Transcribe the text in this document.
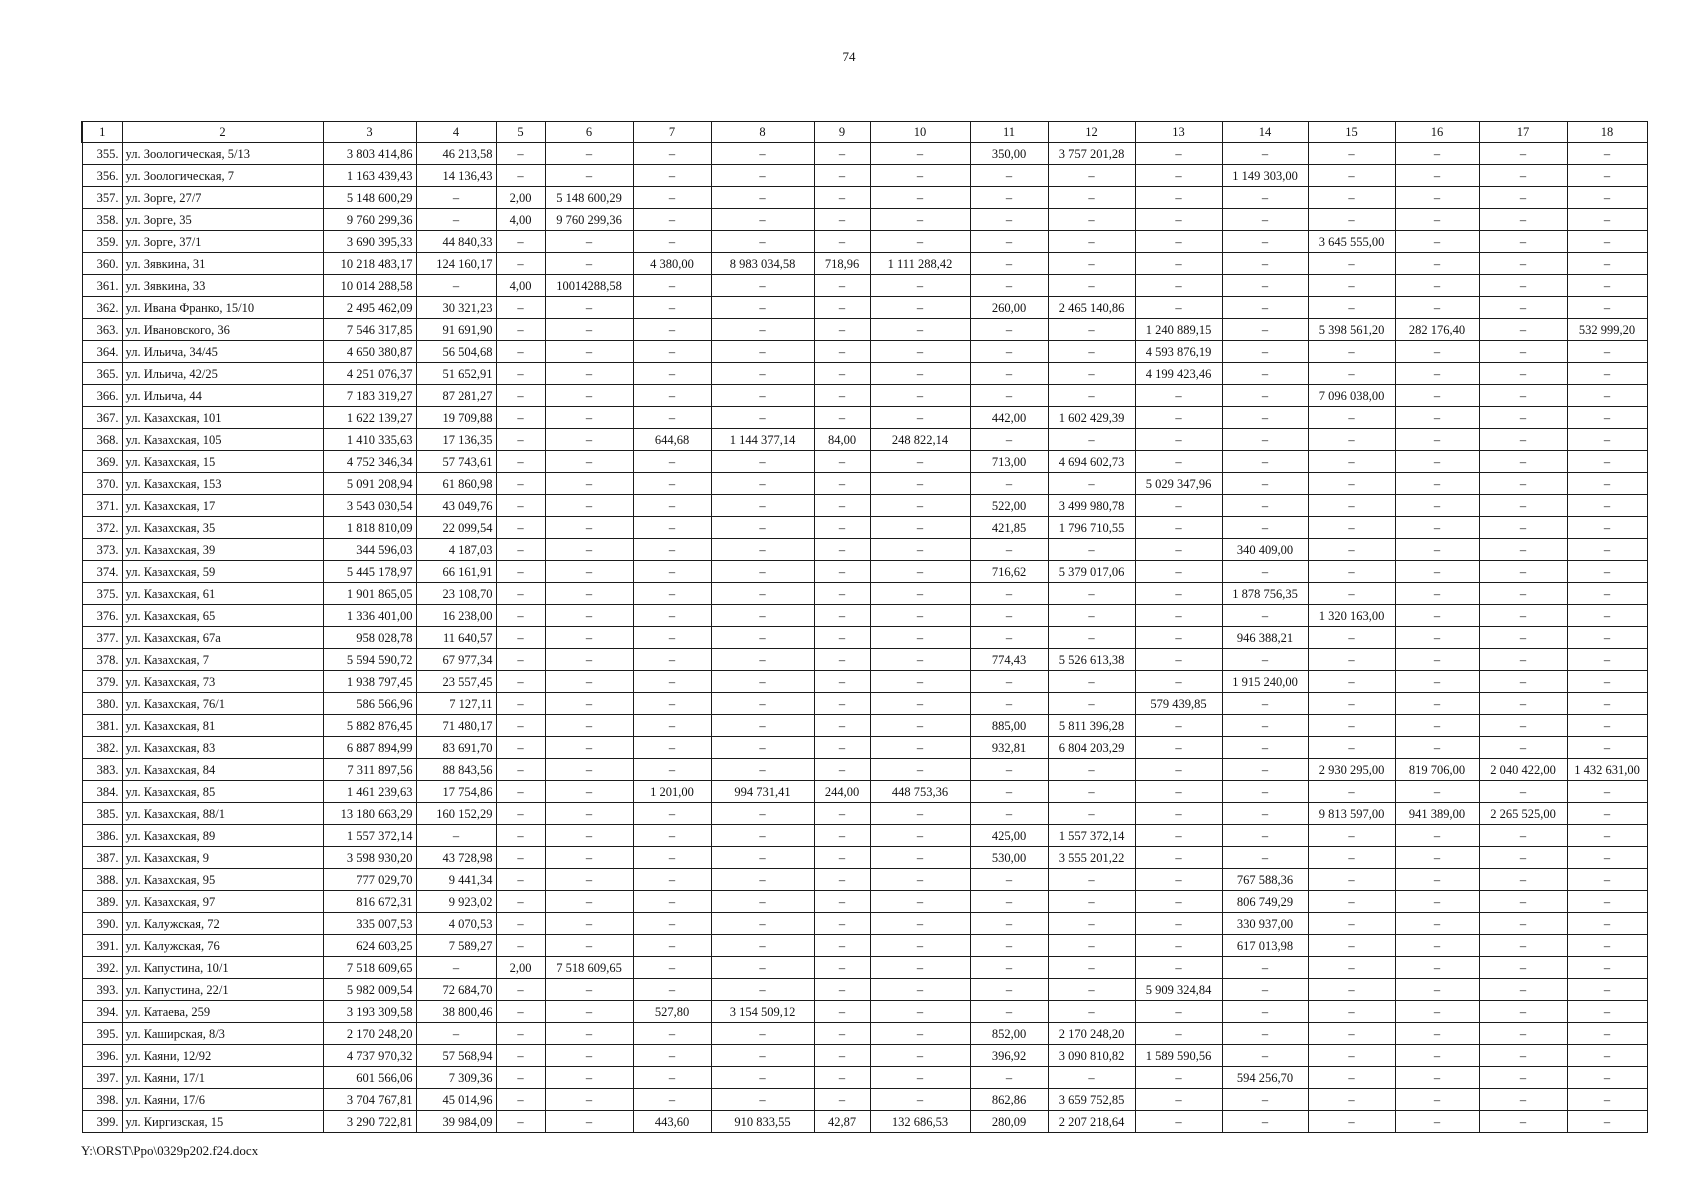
74
1	2	3	4	5	6	7	8	9	10	11	12	13	14	15	16	17	18
355.	ул. Зоологическая, 5/13	3 803 414,86	46 213,58	–	–	–	–	–	–	350,00	3 757 201,28	–	–	–	–	–	–
356.	ул. Зоологическая, 7	1 163 439,43	14 136,43	–	–	–	–	–	–	–	–	–	1 149 303,00	–	–	–	–
357.	ул. Зорге, 27/7	5 148 600,29	–	2,00	5 148 600,29	–	–	–	–	–	–	–	–	–	–	–	–
358.	ул. Зорге, 35	9 760 299,36	–	4,00	9 760 299,36	–	–	–	–	–	–	–	–	–	–	–	–
359.	ул. Зорге, 37/1	3 690 395,33	44 840,33	–	–	–	–	–	–	–	–	–	–	3 645 555,00	–	–	–
360.	ул. Зявкина, 31	10 218 483,17	124 160,17	–	–	4 380,00	8 983 034,58	718,96	1 111 288,42	–	–	–	–	–	–	–	–
361.	ул. Зявкина, 33	10 014 288,58	–	4,00	10014288,58	–	–	–	–	–	–	–	–	–	–	–	–
362.	ул. Ивана Франко, 15/10	2 495 462,09	30 321,23	–	–	–	–	–	–	260,00	2 465 140,86	–	–	–	–	–	–
363.	ул. Ивановского, 36	7 546 317,85	91 691,90	–	–	–	–	–	–	–	–	1 240 889,15	–	5 398 561,20	282 176,40	–	532 999,20
364.	ул. Ильича, 34/45	4 650 380,87	56 504,68	–	–	–	–	–	–	–	–	4 593 876,19	–	–	–	–	–
365.	ул. Ильича, 42/25	4 251 076,37	51 652,91	–	–	–	–	–	–	–	–	4 199 423,46	–	–	–	–	–
366.	ул. Ильича, 44	7 183 319,27	87 281,27	–	–	–	–	–	–	–	–	–	–	7 096 038,00	–	–	–
367.	ул. Казахская, 101	1 622 139,27	19 709,88	–	–	–	–	–	–	442,00	1 602 429,39	–	–	–	–	–	–
368.	ул. Казахская, 105	1 410 335,63	17 136,35	–	–	644,68	1 144 377,14	84,00	248 822,14	–	–	–	–	–	–	–	–
369.	ул. Казахская, 15	4 752 346,34	57 743,61	–	–	–	–	–	–	713,00	4 694 602,73	–	–	–	–	–	–
370.	ул. Казахская, 153	5 091 208,94	61 860,98	–	–	–	–	–	–	–	–	5 029 347,96	–	–	–	–	–
371.	ул. Казахская, 17	3 543 030,54	43 049,76	–	–	–	–	–	–	522,00	3 499 980,78	–	–	–	–	–	–
372.	ул. Казахская, 35	1 818 810,09	22 099,54	–	–	–	–	–	–	421,85	1 796 710,55	–	–	–	–	–	–
373.	ул. Казахская, 39	344 596,03	4 187,03	–	–	–	–	–	–	–	–	–	340 409,00	–	–	–	–
374.	ул. Казахская, 59	5 445 178,97	66 161,91	–	–	–	–	–	–	716,62	5 379 017,06	–	–	–	–	–	–
375.	ул. Казахская, 61	1 901 865,05	23 108,70	–	–	–	–	–	–	–	–	–	1 878 756,35	–	–	–	–
376.	ул. Казахская, 65	1 336 401,00	16 238,00	–	–	–	–	–	–	–	–	–	–	1 320 163,00	–	–	–
377.	ул. Казахская, 67а	958 028,78	11 640,57	–	–	–	–	–	–	–	–	–	946 388,21	–	–	–	–
378.	ул. Казахская, 7	5 594 590,72	67 977,34	–	–	–	–	–	–	774,43	5 526 613,38	–	–	–	–	–	–
379.	ул. Казахская, 73	1 938 797,45	23 557,45	–	–	–	–	–	–	–	–	–	1 915 240,00	–	–	–	–
380.	ул. Казахская, 76/1	586 566,96	7 127,11	–	–	–	–	–	–	–	–	579 439,85	–	–	–	–	–
381.	ул. Казахская, 81	5 882 876,45	71 480,17	–	–	–	–	–	–	885,00	5 811 396,28	–	–	–	–	–	–
382.	ул. Казахская, 83	6 887 894,99	83 691,70	–	–	–	–	–	–	932,81	6 804 203,29	–	–	–	–	–	–
383.	ул. Казахская, 84	7 311 897,56	88 843,56	–	–	–	–	–	–	–	–	–	–	2 930 295,00	819 706,00	2 040 422,00	1 432 631,00
384.	ул. Казахская, 85	1 461 239,63	17 754,86	–	–	1 201,00	994 731,41	244,00	448 753,36	–	–	–	–	–	–	–	–
385.	ул. Казахская, 88/1	13 180 663,29	160 152,29	–	–	–	–	–	–	–	–	–	–	9 813 597,00	941 389,00	2 265 525,00	–
386.	ул. Казахская, 89	1 557 372,14	–	–	–	–	–	–	–	425,00	1 557 372,14	–	–	–	–	–	–
387.	ул. Казахская, 9	3 598 930,20	43 728,98	–	–	–	–	–	–	530,00	3 555 201,22	–	–	–	–	–	–
388.	ул. Казахская, 95	777 029,70	9 441,34	–	–	–	–	–	–	–	–	–	767 588,36	–	–	–	–
389.	ул. Казахская, 97	816 672,31	9 923,02	–	–	–	–	–	–	–	–	–	806 749,29	–	–	–	–
390.	ул. Калужская, 72	335 007,53	4 070,53	–	–	–	–	–	–	–	–	–	330 937,00	–	–	–	–
391.	ул. Калужская, 76	624 603,25	7 589,27	–	–	–	–	–	–	–	–	–	617 013,98	–	–	–	–
392.	ул. Капустина, 10/1	7 518 609,65	–	2,00	7 518 609,65	–	–	–	–	–	–	–	–	–	–	–	–
393.	ул. Капустина, 22/1	5 982 009,54	72 684,70	–	–	–	–	–	–	–	–	5 909 324,84	–	–	–	–	–
394.	ул. Катаева, 259	3 193 309,58	38 800,46	–	–	527,80	3 154 509,12	–	–	–	–	–	–	–	–	–	–
395.	ул. Каширская, 8/3	2 170 248,20	–	–	–	–	–	–	–	852,00	2 170 248,20	–	–	–	–	–	–
396.	ул. Каяни, 12/92	4 737 970,32	57 568,94	–	–	–	–	–	–	396,92	3 090 810,82	1 589 590,56	–	–	–	–	–
397.	ул. Каяни, 17/1	601 566,06	7 309,36	–	–	–	–	–	–	–	–	–	594 256,70	–	–	–	–
398.	ул. Каяни, 17/6	3 704 767,81	45 014,96	–	–	–	–	–	–	862,86	3 659 752,85	–	–	–	–	–	–
399.	ул. Киргизская, 15	3 290 722,81	39 984,09	–	–	443,60	910 833,55	42,87	132 686,53	280,09	2 207 218,64	–	–	–	–	–	–
Y:\ORST\Ppo\0329p202.f24.docx
